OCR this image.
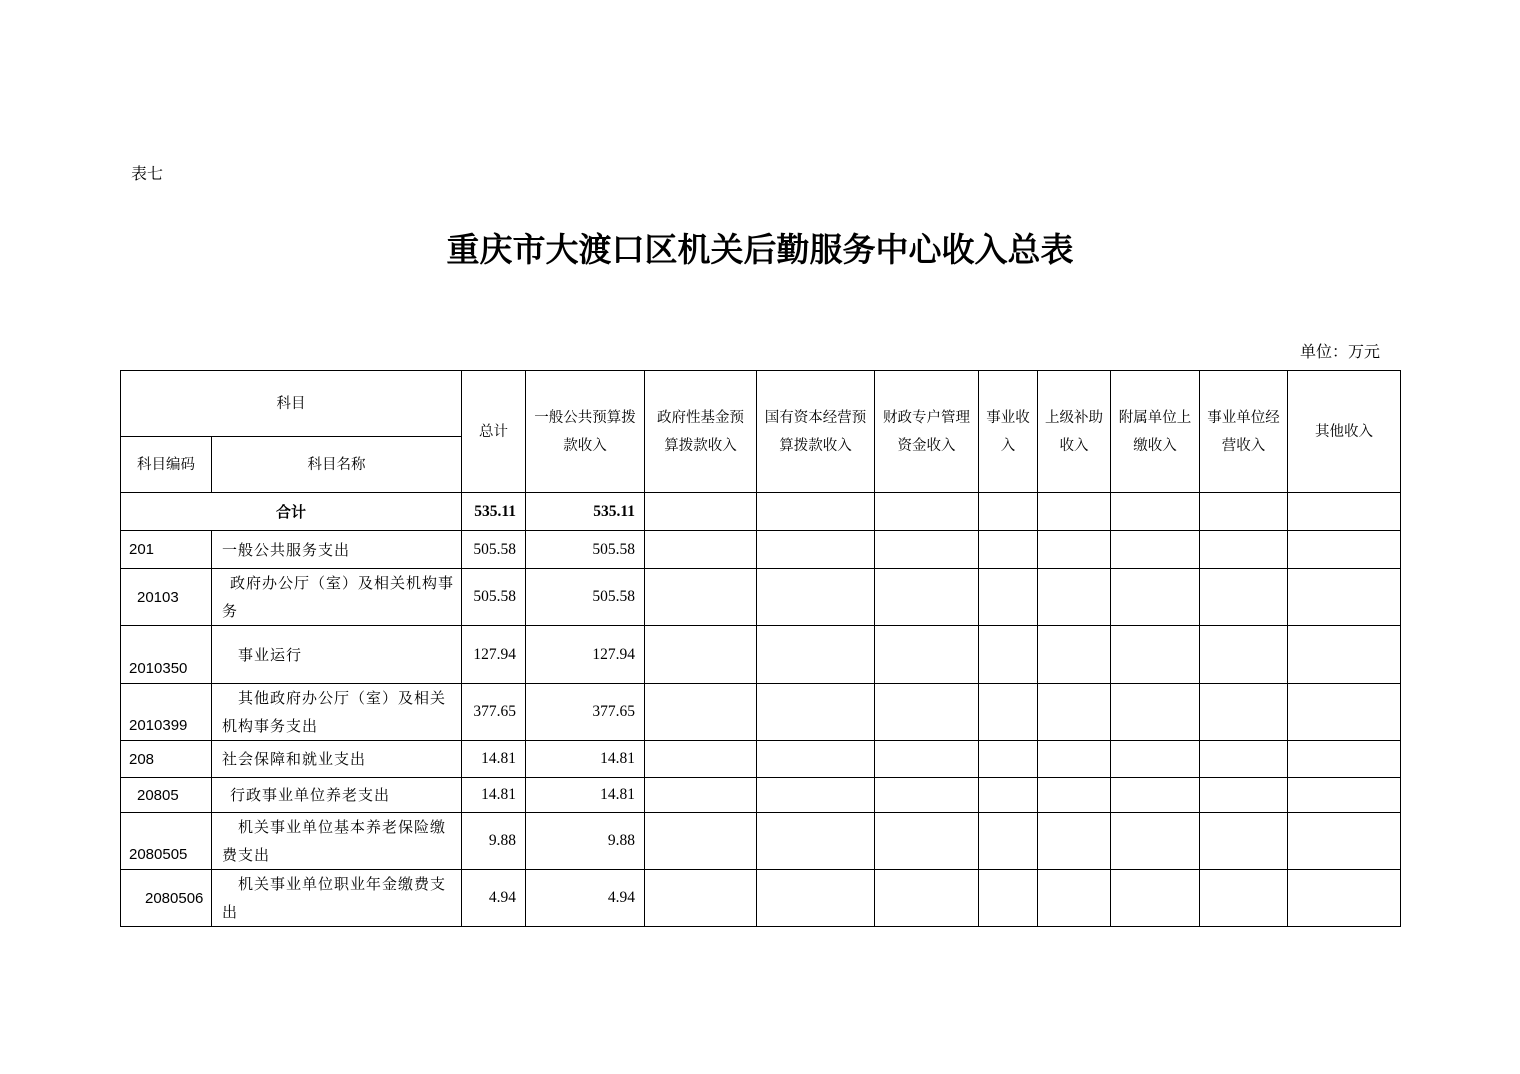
表七
重庆市大渡口区机关后勤服务中心收入总表
单位：万元
科目		总计	一般公共预算拨款收入	政府性基金预算拨款收入	国有资本经营预算拨款收入	财政专户管理资金收入	事业收入	上级补助收入	附属单位上缴收入	事业单位经营收入	其他收入
科目编码	科目名称										
合计		535.11	535.11								
201	一般公共服务支出	505.58	505.58								
20103	政府办公厅（室）及相关机构事务	505.58	505.58								
2010350	事业运行	127.94	127.94								
2010399	其他政府办公厅（室）及相关机构事务支出	377.65	377.65								
208	社会保障和就业支出	14.81	14.81								
20805	行政事业单位养老支出	14.81	14.81								
2080505	机关事业单位基本养老保险缴费支出	9.88	9.88								
2080506	机关事业单位职业年金缴费支出	4.94	4.94								
